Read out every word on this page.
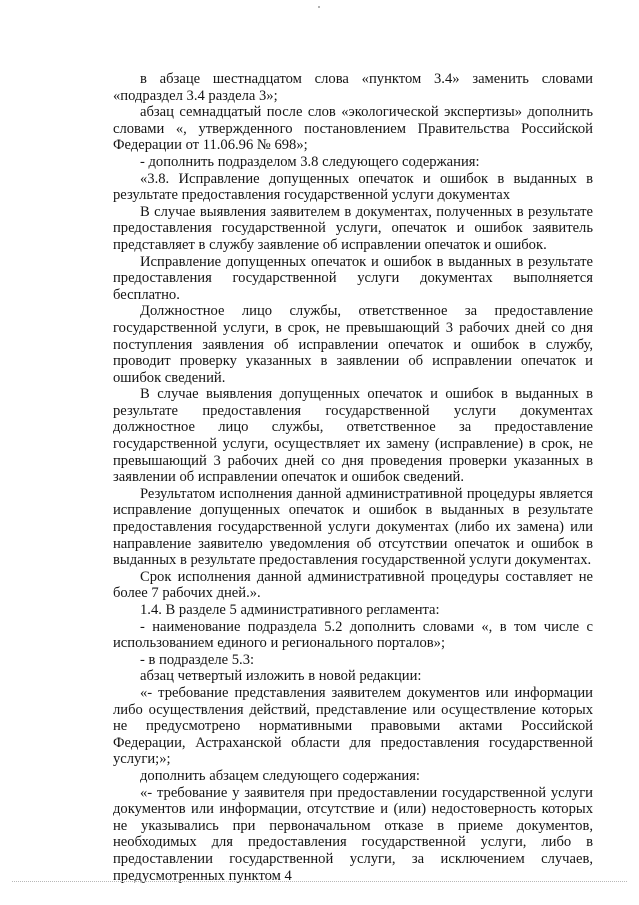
в абзаце шестнадцатом слова «пунктом 3.4» заменить словами «подраздел 3.4 раздела 3»;

абзац семнадцатый после слов «экологической экспертизы» дополнить словами «, утвержденного постановлением Правительства Российской Федерации от 11.06.96 № 698»;

- дополнить подразделом 3.8 следующего содержания:

«3.8. Исправление допущенных опечаток и ошибок в выданных в результате предоставления государственной услуги документах

В случае выявления заявителем в документах, полученных в результате предоставления государственной услуги, опечаток и ошибок заявитель представляет в службу заявление об исправлении опечаток и ошибок.

Исправление допущенных опечаток и ошибок в выданных в результате предоставления государственной услуги документах выполняется бесплатно.

Должностное лицо службы, ответственное за предоставление государственной услуги, в срок, не превышающий 3 рабочих дней со дня поступления заявления об исправлении опечаток и ошибок в службу, проводит проверку указанных в заявлении об исправлении опечаток и ошибок сведений.

В случае выявления допущенных опечаток и ошибок в выданных в результате предоставления государственной услуги документах должностное лицо службы, ответственное за предоставление государственной услуги, осуществляет их замену (исправление) в срок, не превышающий 3 рабочих дней со дня проведения проверки указанных в заявлении об исправлении опечаток и ошибок сведений.

Результатом исполнения данной административной процедуры является исправление допущенных опечаток и ошибок в выданных в результате предоставления государственной услуги документах (либо их замена) или направление заявителю уведомления об отсутствии опечаток и ошибок в выданных в результате предоставления государственной услуги документах.

Срок исполнения данной административной процедуры составляет не более 7 рабочих дней.».

1.4. В разделе 5 административного регламента:

- наименование подраздела 5.2 дополнить словами «, в том числе с использованием единого и регионального порталов»;

- в подразделе 5.3:

абзац четвертый изложить в новой редакции:

«- требование представления заявителем документов или информации либо осуществления действий, представление или осуществление которых не предусмотрено нормативными правовыми актами Российской Федерации, Астраханской области для предоставления государственной услуги;»;

дополнить абзацем следующего содержания:

«- требование у заявителя при предоставлении государственной услуги документов или информации, отсутствие и (или) недостоверность которых не указывались при первоначальном отказе в приеме документов, необходимых для предоставления государственной услуги, либо в предоставлении государственной услуги, за исключением случаев, предусмотренных пунктом 4
